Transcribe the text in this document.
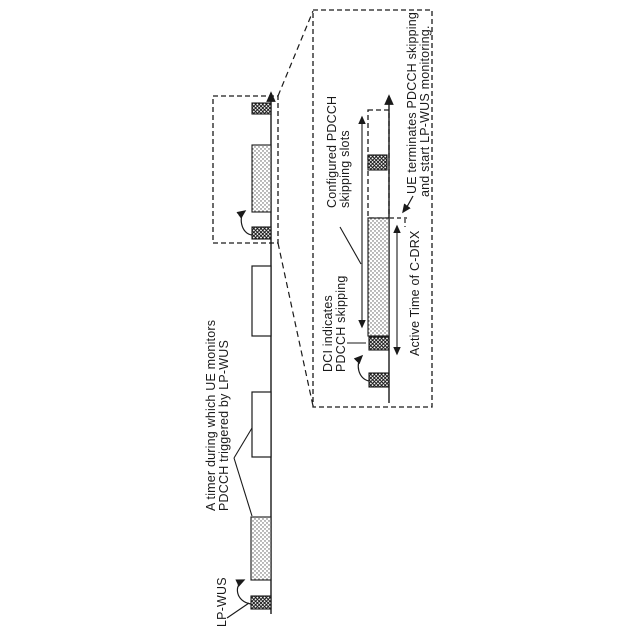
LP-WUS
A timer during which UE monitors PDCCH triggered by LP-WUS
Configured PDCCH skipping slots
DCI indicates PDCCH skipping	Active Time of C-DRX
UE terminates PDCCH skipping and start LP-WUS monitoring.
